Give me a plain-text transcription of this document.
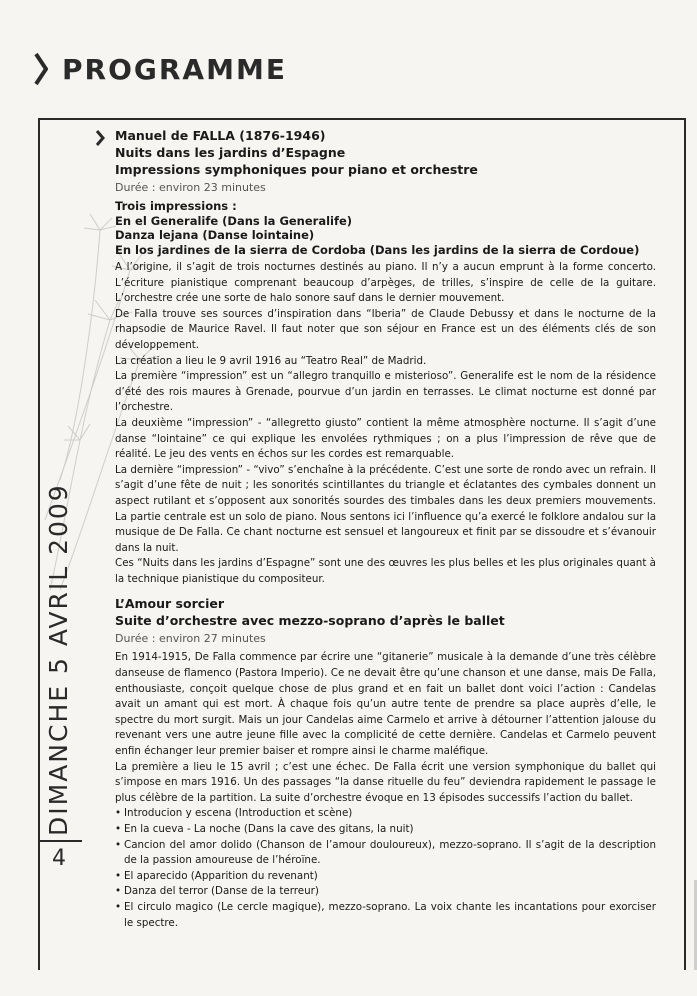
PROGRAMME
DIMANCHE 5 AVRIL 2009
4
Manuel de FALLA (1876-1946)
Nuits dans les jardins d’Espagne
Impressions symphoniques pour piano et orchestre
Durée : environ 23 minutes
Trois impressions :
En el Generalife (Dans la Generalife)
Danza lejana (Danse lointaine)
En los jardines de la sierra de Cordoba (Dans les jardins de la sierra de Cordoue)

A l’origine, il s’agit de trois nocturnes destinés au piano. Il n’y a aucun emprunt à la forme concerto. L’écriture pianistique comprenant beaucoup d’arpèges, de trilles, s’inspire de celle de la guitare. L’orchestre crée une sorte de halo sonore sauf dans le dernier mouvement.

De Falla trouve ses sources d’inspiration dans “Iberia” de Claude Debussy et dans le nocturne de la rhapsodie de Maurice Ravel. Il faut noter que son séjour en France est un des éléments clés de son développement.

La création a lieu le 9 avril 1916 au “Teatro Real” de Madrid.

La première “impression” est un “allegro tranquillo e misterioso”. Generalife est le nom de la résidence d’été des rois maures à Grenade, pourvue d’un jardin en terrasses. Le climat nocturne est donné par l’orchestre.

La deuxième “impression” - “allegretto giusto” contient la même atmosphère nocturne. Il s’agit d’une danse “lointaine” ce qui explique les envolées rythmiques ; on a plus l’impression de rêve que de réalité. Le jeu des vents en échos sur les cordes est remarquable.

La dernière “impression” - “vivo” s’enchaîne à la précédente. C’est une sorte de rondo avec un refrain. Il s’agit d’une fête de nuit ; les sonorités scintillantes du triangle et éclatantes des cymbales donnent un aspect rutilant et s’opposent aux sonorités sourdes des timbales dans les deux premiers mouvements. La partie centrale est un solo de piano. Nous sentons ici l’influence qu’a exercé le folklore andalou sur la musique de De Falla. Ce chant nocturne est sensuel et langoureux et finit par se dissoudre et s’évanouir dans la nuit.

Ces “Nuits dans les jardins d’Espagne” sont une des œuvres les plus belles et les plus originales quant à la technique pianistique du compositeur.

L’Amour sorcier
Suite d’orchestre avec mezzo-soprano d’après le ballet
Durée : environ 27 minutes

En 1914-1915, De Falla commence par écrire une “gitanerie” musicale à la demande d’une très célèbre danseuse de flamenco (Pastora Imperio). Ce ne devait être qu’une chanson et une danse, mais De Falla, enthousiaste, conçoit quelque chose de plus grand et en fait un ballet dont voici l’action : Candelas avait un amant qui est mort. À chaque fois qu’un autre tente de prendre sa place auprès d’elle, le spectre du mort surgit. Mais un jour Candelas aime Carmelo et arrive à détourner l’attention jalouse du revenant vers une autre jeune fille avec la complicité de cette dernière. Candelas et Carmelo peuvent enfin échanger leur premier baiser et rompre ainsi le charme maléfique.

La première a lieu le 15 avril ; c’est une échec. De Falla écrit une version symphonique du ballet qui s’impose en mars 1916. Un des passages “la danse rituelle du feu” deviendra rapidement le passage le plus célèbre de la partition. La suite d’orchestre évoque en 13 épisodes successifs l’action du ballet.

• Introducion y escena (Introduction et scène)
• En la cueva - La noche (Dans la cave des gitans, la nuit)
• Cancion del amor dolido (Chanson de l’amour douloureux), mezzo-soprano. Il s’agit de la description de la passion amoureuse de l’héroïne.
• El aparecido (Apparition du revenant)
• Danza del terror (Danse de la terreur)
• El circulo magico (Le cercle magique), mezzo-soprano. La voix chante les incantations pour exorciser le spectre.
